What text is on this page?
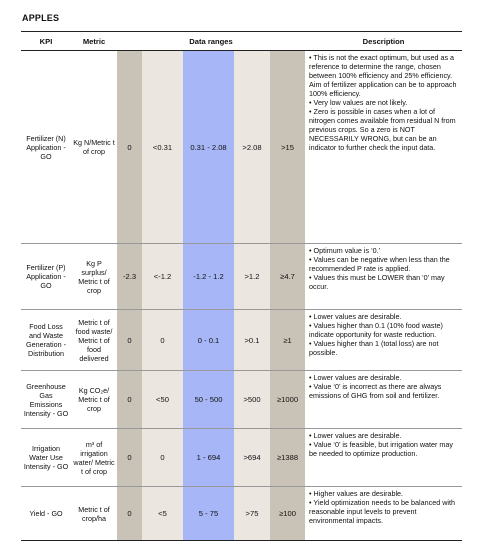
APPLES
KPI	Metric	Data ranges					Description
Fertilizer (N) Application - GO	Kg N/Metric t of crop	0	<0.31	0.31 - 2.08	>2.08	>15	• This is not the exact optimum, but used as a reference to determine the range, chosen between 100% efficiency and 25% efficiency. Aim of fertilizer application can be to approach 100% efficiency.
• Very low values are not likely.
• Zero is possible in cases when a lot of nitrogen comes available from residual N from previous crops. So a zero is NOT NECESSARILY WRONG, but can be an indicator to further check the input data.

Fertilizer (P) Application - GO	Kg P surplus/ Metric t of crop	-2.3	<-1.2	-1.2 - 1.2	>1.2	≥4.7	• Optimum value is ‘0.’
• Values can be negative when less than the recommended P rate is applied.
• Values this must be LOWER than ‘0’ may occur.

Food Loss and Waste Generation - Distribution	Metric t of food waste/ Metric t of food delivered	0	0	0 - 0.1	>0.1	≥1	• Lower values are desirable.
• Values higher than 0.1 (10% food waste) indicate opportunity for waste reduction.
• Values higher than 1 (total loss) are not possible.

Greenhouse Gas Emissions Intensity - GO	Kg CO₂e/ Metric t of crop	0	<50	50 - 500	>500	≥1000	• Lower values are desirable.
• Value ‘0’ is incorrect as there are always emissions of GHG from soil and fertilizer.

Irrigation Water Use Intensity - GO	m³ of irrigation water/ Metric t of crop	0	0	1 - 694	>694	≥1388	• Lower values are desirable.
• Value ‘0’ is feasible, but irrigation water may be needed to optimize production.

Yield - GO	Metric t of crop/ha	0	<5	5 - 75	>75	≥100	• Higher values are desirable.
• Yield optimization needs to be balanced with reasonable input levels to prevent environmental impacts.
